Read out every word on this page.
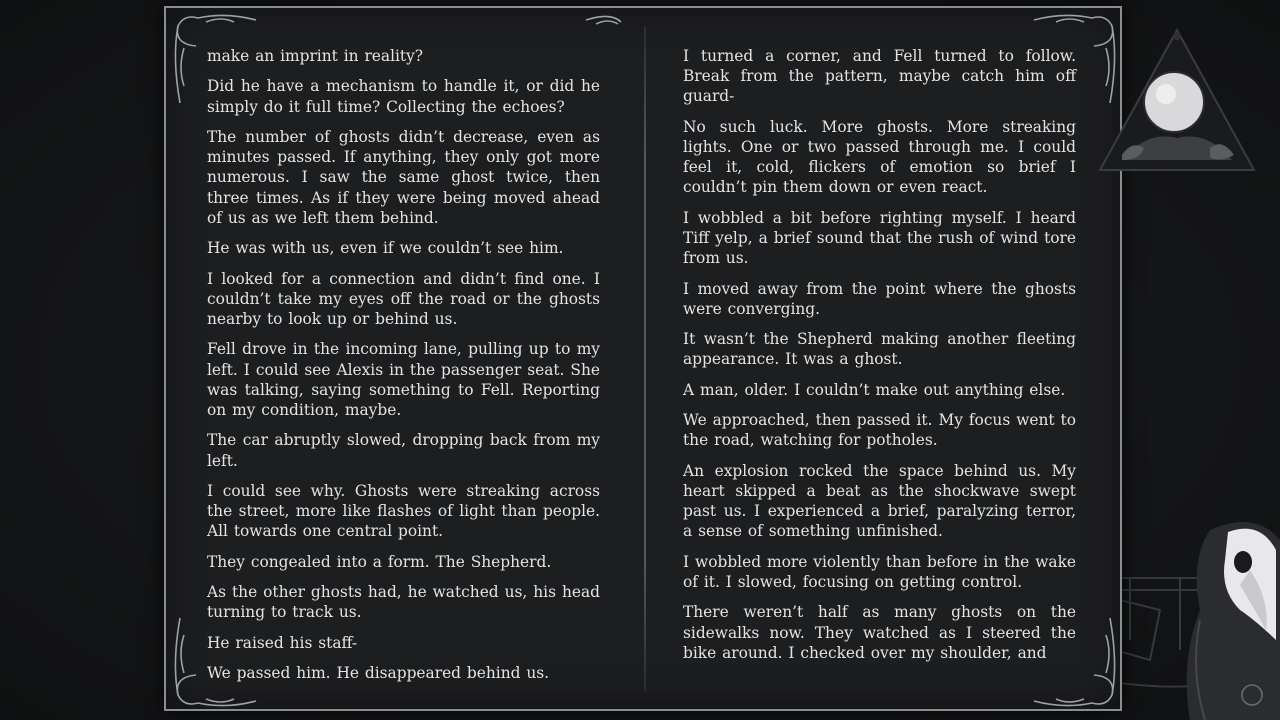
make an imprint in reality?

Did he have a mechanism to handle it, or did he simply do it full time? Collecting the echoes?

The number of ghosts didn’t decrease, even as minutes passed. If anything, they only got more numerous. I saw the same ghost twice, then three times. As if they were being moved ahead of us as we left them behind.

He was with us, even if we couldn’t see him.

I looked for a connection and didn’t find one. I couldn’t take my eyes off the road or the ghosts nearby to look up or behind us.

Fell drove in the incoming lane, pulling up to my left. I could see Alexis in the passenger seat. She was talking, saying something to Fell. Reporting on my condition, maybe.

The car abruptly slowed, dropping back from my left.

I could see why. Ghosts were streaking across the street, more like flashes of light than people. All towards one central point.

They congealed into a form. The Shepherd.

As the other ghosts had, he watched us, his head turning to track us.

He raised his staff-

We passed him. He disappeared behind us.

I turned a corner, and Fell turned to follow. Break from the pattern, maybe catch him off guard-

No such luck. More ghosts. More streaking lights. One or two passed through me. I could feel it, cold, flickers of emotion so brief I couldn’t pin them down or even react.

I wobbled a bit before righting myself. I heard Tiff yelp, a brief sound that the rush of wind tore from us.

I moved away from the point where the ghosts were converging.

It wasn’t the Shepherd making another fleeting appearance. It was a ghost.

A man, older. I couldn’t make out anything else.

We approached, then passed it. My focus went to the road, watching for potholes.

An explosion rocked the space behind us. My heart skipped a beat as the shockwave swept past us. I experienced a brief, paralyzing terror, a sense of something unfinished.

I wobbled more violently than before in the wake of it. I slowed, focusing on getting control.

There weren’t half as many ghosts on the sidewalks now. They watched as I steered the bike around. I checked over my shoulder, and
